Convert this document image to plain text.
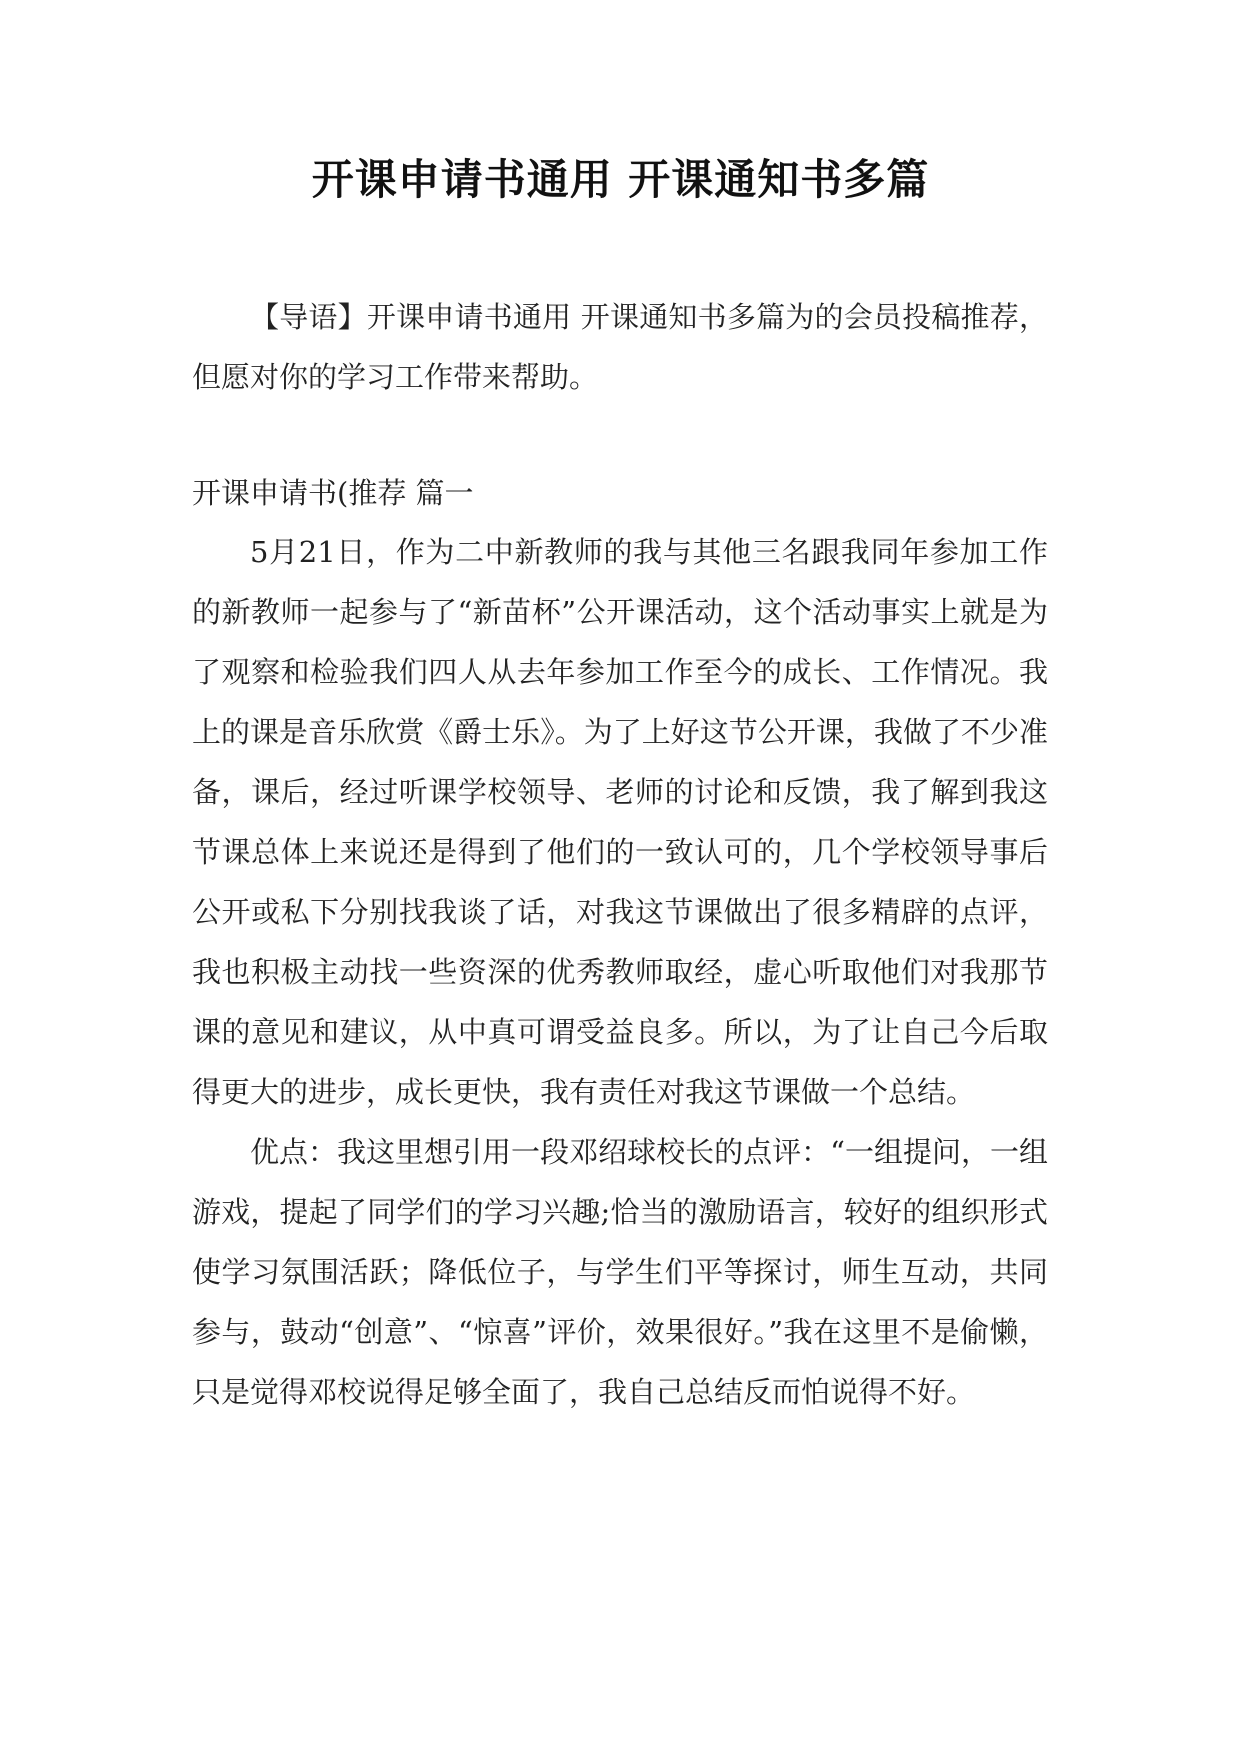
开课申请书通用 开课通知书多篇

【导语】开课申请书通用 开课通知书多篇为的会员投稿推荐，但愿对你的学习工作带来帮助。

开课申请书(推荐 篇一

5月21日，作为二中新教师的我与其他三名跟我同年参加工作的新教师一起参与了“新苗杯”公开课活动，这个活动事实上就是为了观察和检验我们四人从去年参加工作至今的成长、工作情况。我上的课是音乐欣赏《爵士乐》。为了上好这节公开课，我做了不少准备，课后，经过听课学校领导、老师的讨论和反馈，我了解到我这节课总体上来说还是得到了他们的一致认可的，几个学校领导事后公开或私下分别找我谈了话，对我这节课做出了很多精辟的点评，我也积极主动找一些资深的优秀教师取经，虚心听取他们对我那节课的意见和建议，从中真可谓受益良多。所以，为了让自己今后取得更大的进步，成长更快，我有责任对我这节课做一个总结。

优点：我这里想引用一段邓绍球校长的点评：“一组提问，一组游戏，提起了同学们的学习兴趣;恰当的激励语言，较好的组织形式使学习氛围活跃；降低位子，与学生们平等探讨，师生互动，共同参与，鼓动“创意”、“惊喜”评价，效果很好。”我在这里不是偷懒，只是觉得邓校说得足够全面了，我自己总结反而怕说得不好。
